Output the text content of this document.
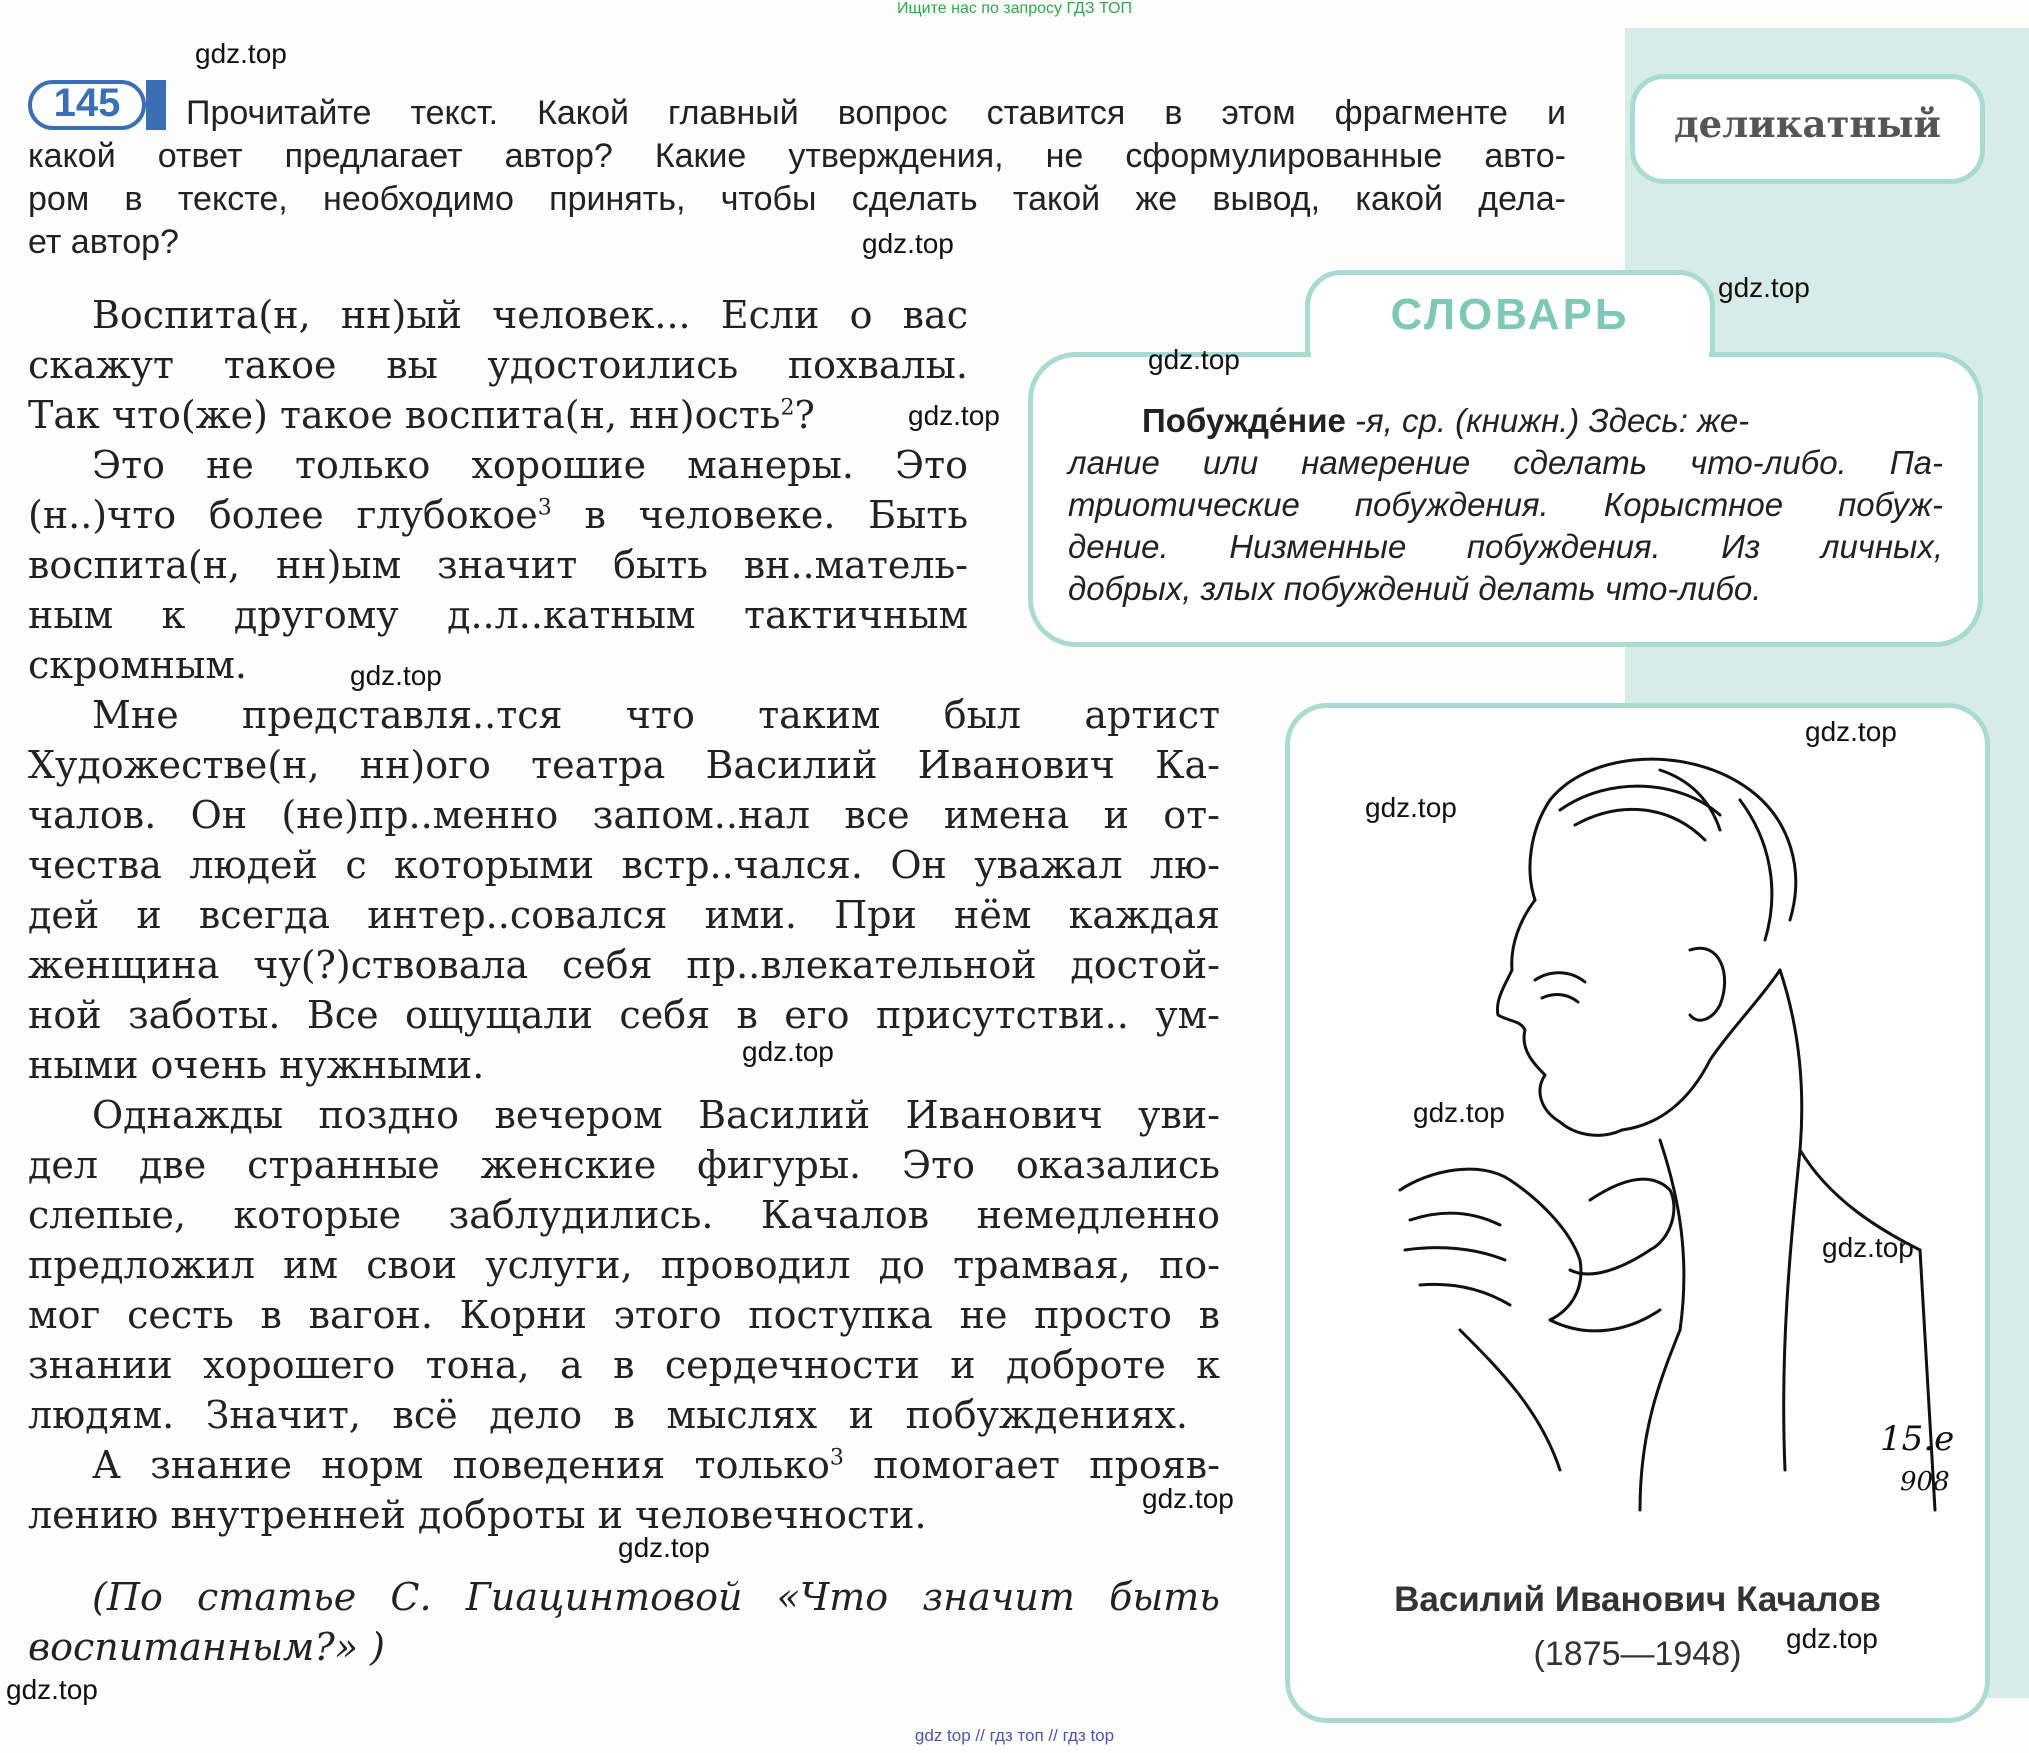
Ищите нас по запросу ГДЗ ТОП
145	Прочитайте текст. Какой главный вопрос ставится в этом фрагменте и
какой ответ предлагает автор? Какие утверждения, не сформулированные авто-
ром в тексте, необходимо принять, чтобы сделать такой же вывод, какой дела-
ет автор?
деликатный
СЛОВАРЬ
Побужде́ние -я, ср. (книжн.) Здесь: же-
лание или намерение сделать что-либо. Па-
триотические побуждения. Корыстное побуж-
дение. Низменные побуждения. Из личных,
добрых, злых побуждений делать что-либо.
Воспита(н, нн)ый человек... Если о вас
скажут такое вы удостоились похвалы.
Так что(же) такое воспита(н, нн)ость$^2$?
Это не только хорошие манеры. Это
(н..)что более глубокое$^3$ в человеке. Быть
воспита(н, нн)ым значит быть вн..матель-
ным к другому д..л..катным тактичным
скромным.
Мне представля..тся что таким был артист
Художестве(н, нн)ого театра Василий Иванович Ка-
чалов. Он (не)пр..менно запом..нал все имена и от-
чества людей с которыми встр..чался. Он уважал лю-
дей и всегда интер..совался ими. При нём каждая
женщина чу(?)ствовала себя пр..влекательной достой-
ной заботы. Все ощущали себя в его присутстви.. ум-
ными очень нужными.
Однажды поздно вечером Василий Иванович уви-
дел две странные женские фигуры. Это оказались
слепые, которые заблудились. Качалов немедленно
предложил им свои услуги, проводил до трамвая, по-
мог сесть в вагон. Корни этого поступка не просто в
знании хорошего тона, а в сердечности и доброте к
людям. Значит, всё дело в мыслях и побуждениях.
А знание норм поведения только$^3$ помогает прояв-
лению внутренней доброты и человечности.
(По статье С. Гиацинтовой «Что значит быть
воспитанным?» )
15.e
908
Василий Иванович Качалов
(1875—1948)
gdz.top
gdz.top
gdz.top
gdz.top
gdz.top
gdz.top
gdz.top
gdz.top
gdz.top
gdz.top
gdz.top
gdz.top
gdz.top
gdz.top
gdz.top
gdz top // гдз топ // гдз top
